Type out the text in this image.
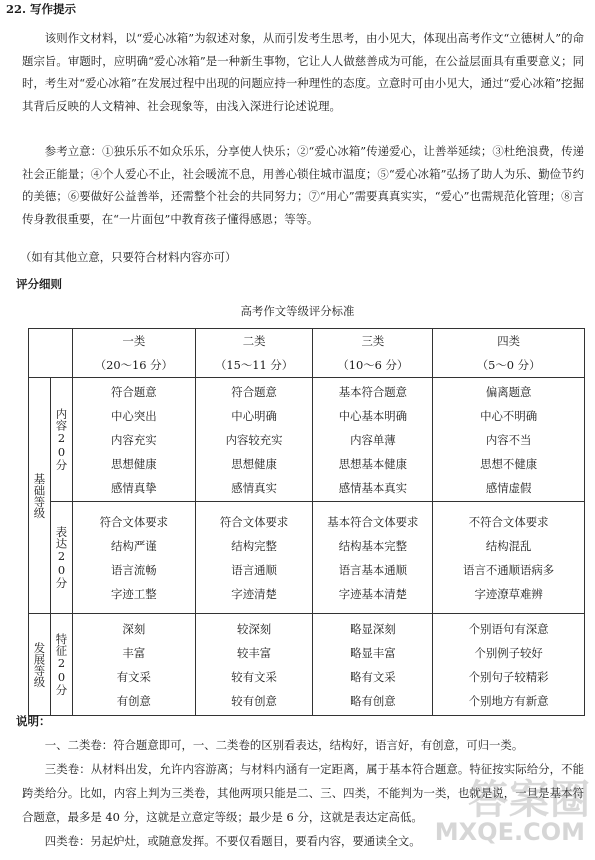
22. 写作提示

该则作文材料，以“爱心冰箱”为叙述对象，从而引发考生思考，由小见大，体现出高考作文“立德树人”的命题宗旨。审题时，应明确“爱心冰箱”是一种新生事物，它让人人做慈善成为可能，在公益层面具有重要意义；同时，考生对“爱心冰箱”在发展过程中出现的问题应持一种理性的态度。立意时可由小见大，通过“爱心冰箱”挖掘其背后反映的人文精神、社会现象等，由浅入深进行论述说理。

参考立意：①独乐乐不如众乐乐，分享使人快乐；②“爱心冰箱”传递爱心，让善举延续；③杜绝浪费，传递社会正能量；④个人爱心不止，社会暖流不息，用善心锁住城市温度；⑤“爱心冰箱”弘扬了助人为乐、勤俭节约的美德；⑥要做好公益善举，还需整个社会的共同努力；⑦“用心”需要真真实实，“爱心”也需规范化管理；⑧言传身教很重要，在“一片面包”中教育孩子懂得感恩；等等。

（如有其他立意，只要符合材料内容亦可）
评分细则
高考作文等级评分标准

		一类
（20～16 分）	二类
（15～11 分）	三类
（10～6 分）	四类
（5～0 分）

基础等级	内容20分	符合题意
中心突出
内容充实
思想健康
感情真挚	符合题意
中心明确
内容较充实
思想健康
感情真实	基本符合题意
中心基本明确
内容单薄
思想基本健康
感情基本真实	偏离题意
中心不明确
内容不当
思想不健康
感情虚假

	表达20分	符合文体要求
结构严谨
语言流畅
字迹工整	符合文体要求
结构完整
语言通顺
字迹清楚	基本符合文体要求
结构基本完整
语言基本通顺
字迹基本清楚	不符合文体要求
结构混乱
语言不通顺语病多
字迹潦草难辨

发展等级	特征20分	深刻
丰富
有文采
有创意	较深刻
较丰富
较有文采
较有创意	略显深刻
略显丰富
略有文采
略有创意	个别语句有深意
个别例子较好
个别句子较精彩
个别地方有新意
说明：

一、二类卷：符合题意即可，一、二类卷的区别看表达，结构好，语言好，有创意，可归一类。

三类卷：从材料出发，允许内容游离；与材料内涵有一定距离，属于基本符合题意。特征按实际给分，不能跨类给分。比如，内容上判为三类卷，其他两项只能是二、三、四类，不能判为一类，也就是说，一旦是基本符合题意，最多是 40 分，这就是立意定等级；最少是 6 分，这就是表达定高低。

四类卷：另起炉灶，或随意发挥。不要仅看题目，要看内容，要通读全文。

答案圈
MXQE.COM
